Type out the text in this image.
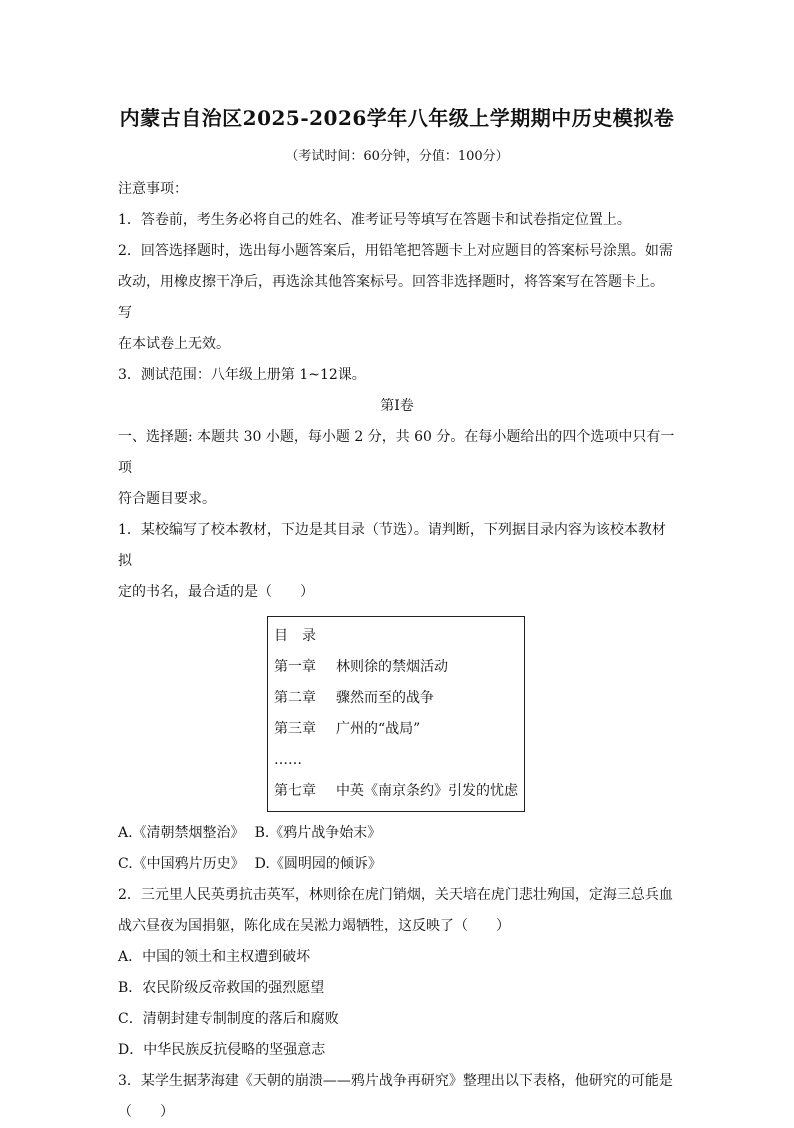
内蒙古自治区2025-2026学年八年级上学期期中历史模拟卷
（考试时间：60分钟，分值：100分）
注意事项：
1．答卷前，考生务必将自己的姓名、准考证号等填写在答题卡和试卷指定位置上。
2．回答选择题时，选出每小题答案后，用铅笔把答题卡上对应题目的答案标号涂黑。如需
改动，用橡皮擦干净后，再选涂其他答案标号。回答非选择题时，将答案写在答题卡上。写
在本试卷上无效。
3．测试范围：八年级上册第 1~12课。
第Ⅰ卷
一、选择题: 本题共 30 小题，每小题 2 分，共 60 分。在每小题给出的四个选项中只有一项
符合题目要求。
1．某校编写了校本教材，下边是其目录（节选）。请判断，下列据目录内容为该校本教材拟
定的书名，最合适的是（　　）
目　录
第一章 林则徐的禁烟活动
第二章 骤然而至的战争
第三章 广州的“战局”
……
第七章 中英《南京条约》引发的忧虑
A.《清朝禁烟整治》 B.《鸦片战争始末》
C.《中国鸦片历史》 D.《圆明园的倾诉》
2．三元里人民英勇抗击英军，林则徐在虎门销烟，关天培在虎门悲壮殉国，定海三总兵血
战六昼夜为国捐躯，陈化成在吴淞力竭牺牲，这反映了（　　）
A．中国的领土和主权遭到破坏
B．农民阶级反帝救国的强烈愿望
C．清朝封建专制制度的落后和腐败
D．中华民族反抗侵略的坚强意志
3．某学生据茅海建《天朝的崩溃——鸦片战争再研究》整理出以下表格，他研究的可能是
（　　）
